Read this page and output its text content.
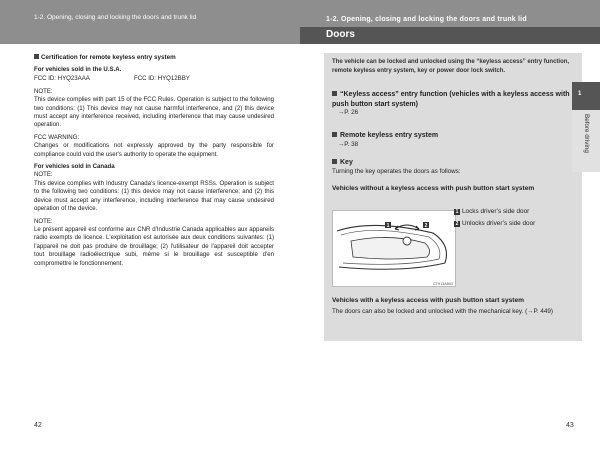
1-2. Opening, closing and locking the doors and trunk lid
Certification for remote keyless entry system
For vehicles sold in the U.S.A.
FCC ID: HYQ23AAA	FCC ID: HYQ12BBY
NOTE:

This device complies with part 15 of the FCC Rules. Operation is subject to the following two conditions: (1) This device may not cause harmful interference, and (2) this device must accept any interference received, including interference that may cause undesired operation.

FCC WARNING:

Changes or modifications not expressly approved by the party responsible for compliance could void the user's authority to operate the equipment.

For vehicles sold in Canada
NOTE:

This device complies with Industry Canada's licence-exempt RSSs. Operation is subject to the following two conditions: (1) this device may not cause interference; and (2) this device must accept any interference, including interference that may cause undesired operation of the device.

NOTE:

Le présent appareil est conforme aux CNR d'Industrie Canada applicables aux appareils radio exempts de licence. L'exploitation est autorisée aux deux conditions suivantes: (1) l'appareil ne doit pas produire de brouillage; (2) l'utilisateur de l'appareil doit accepter tout brouillage radioélectrique subi, même si le brouillage est susceptible d'en compromettre le fonctionnement.

42
1-2. Opening, closing and locking the doors and trunk lid
Doors
The vehicle can be locked and unlocked using the “keyless access” entry function, remote keyless entry system, key or power door lock switch.
“Keyless access” entry function (vehicles with a keyless access with push button start system)
→P. 26
Remote keyless entry system
→P. 38
Key
Turning the key operates the doors as follows:
Vehicles without a keyless access with push button start system
1	2
CTH13AB03
1 Locks driver’s side door
2 Unlocks driver’s side door
Vehicles with a keyless access with push button start system
The doors can also be locked and unlocked with the mechanical key. (→P. 449)
43
1
Before driving
